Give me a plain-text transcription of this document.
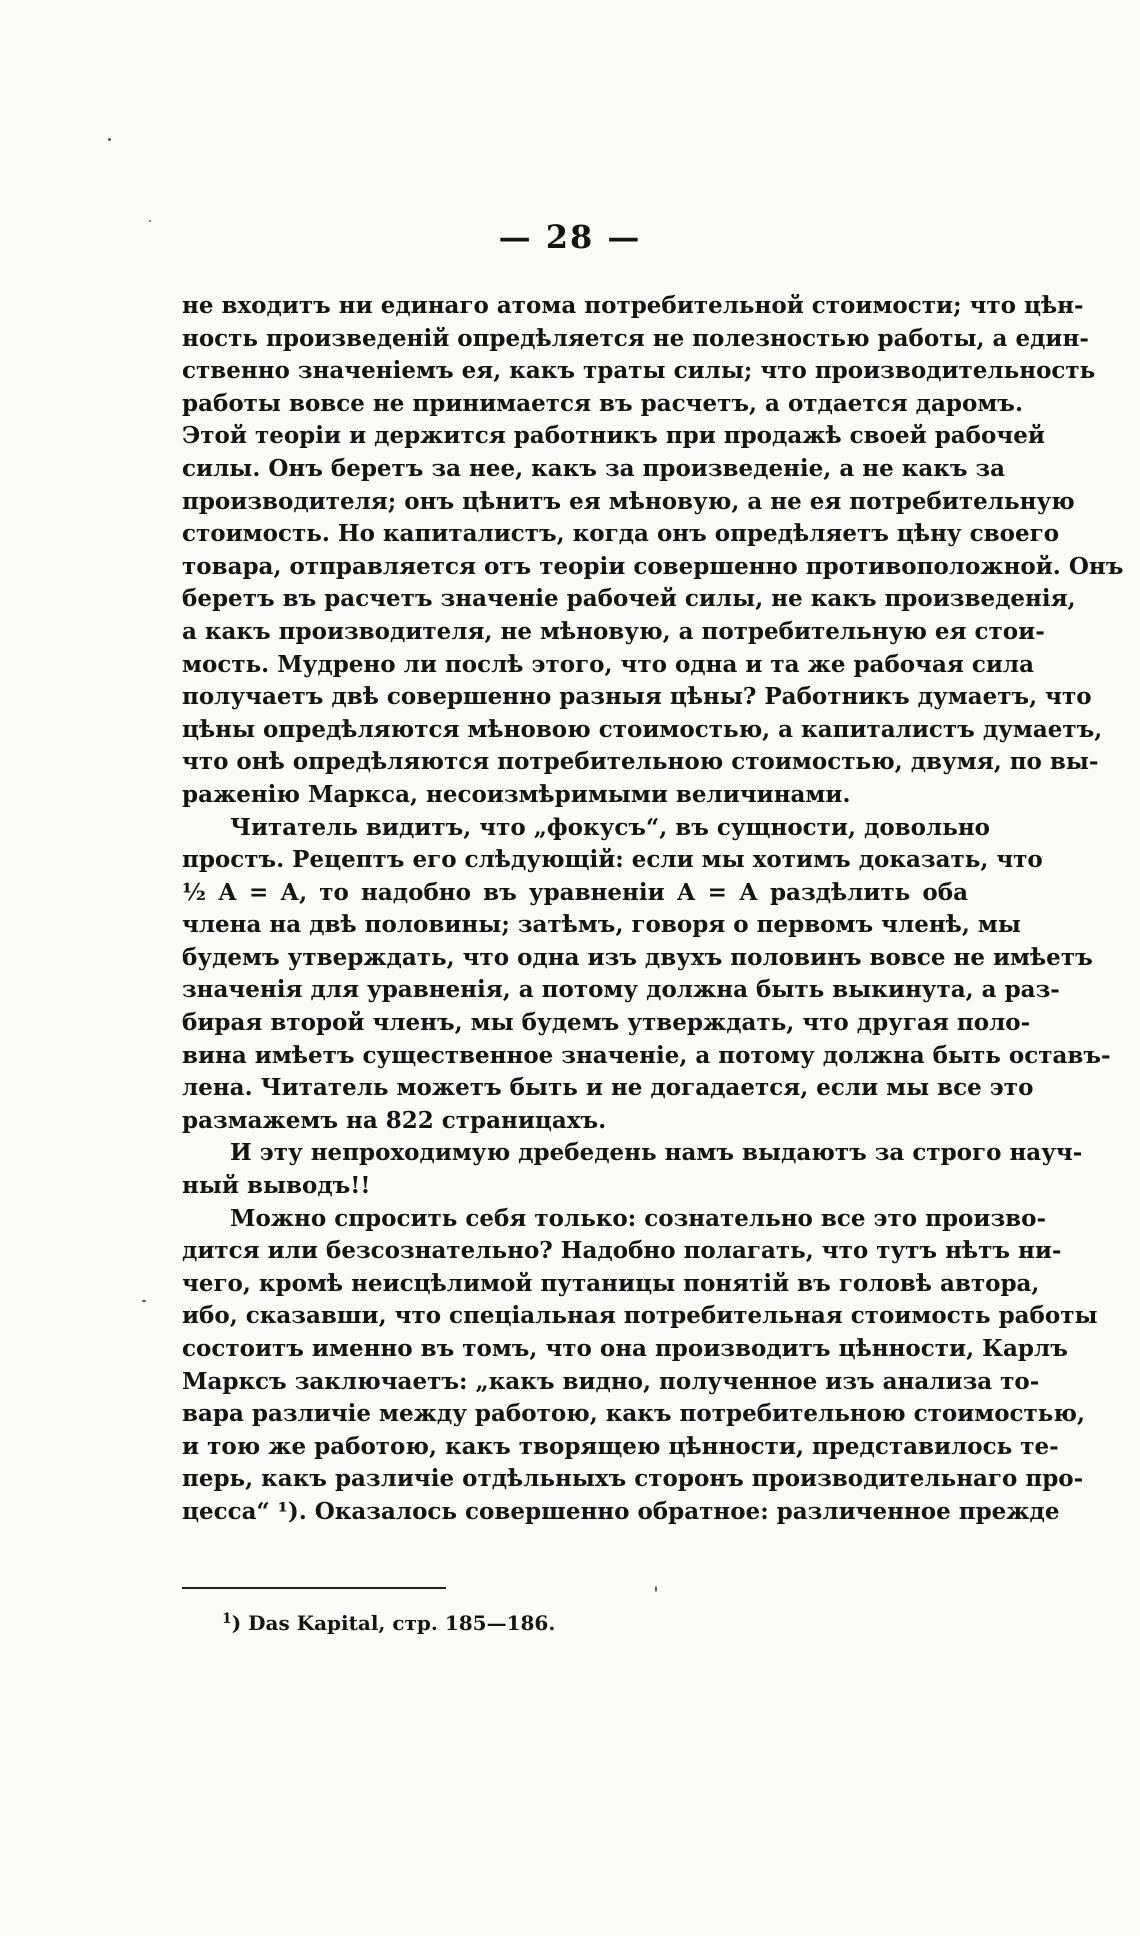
— 28 —
не входитъ ни единаго атома потребительной стоимости; что цѣн-
ность произведенiй опредѣляется не полезностью работы, а един-
ственно значенiемъ ея, какъ траты силы; что производительность
работы вовсе не принимается въ расчетъ, а отдается даромъ.
Этой теорiи и держится работникъ при продажѣ своей рабочей
силы. Онъ беретъ за нее, какъ за произведенiе, а не какъ за
производителя; онъ цѣнитъ ея мѣновую, а не ея потребительную
стоимость. Но капиталистъ, когда онъ опредѣляетъ цѣну своего
товара, отправляется отъ теорiи совершенно противоположной. Онъ
беретъ въ расчетъ значенiе рабочей силы, не какъ произведенiя,
а какъ производителя, не мѣновую, а потребительную ея стои-
мость. Мудрено ли послѣ этого, что одна и та же рабочая сила
получаетъ двѣ совершенно разныя цѣны? Работникъ думаетъ, что
цѣны опредѣляются мѣновою стоимостью, а капиталистъ думаетъ,
что онѣ опредѣляются потребительною стоимостью, двумя, по вы-
раженiю Маркса, несоизмѣримыми величинами.
Читатель видитъ, что „фокусъ“, въ сущности, довольно
простъ. Рецептъ его слѣдующiй: если мы хотимъ доказать, что
½ А = А, то надобно въ уравненiи А = А раздѣлить оба
члена на двѣ половины; затѣмъ, говоря о первомъ членѣ, мы
будемъ утверждать, что одна изъ двухъ половинъ вовсе не имѣетъ
значенiя для уравненiя, а потому должна быть выкинута, а раз-
бирая второй членъ, мы будемъ утверждать, что другая поло-
вина имѣетъ существенное значенiе, а потому должна быть оставъ-
лена. Читатель можетъ быть и не догадается, если мы все это
размажемъ на 822 страницахъ.
И эту непроходимую дребедень намъ выдаютъ за строго науч-
ный выводъ!!
Можно спросить себя только: сознательно все это произво-
дится или безсознательно? Надобно полагать, что тутъ нѣтъ ни-
чего, кромѣ неисцѣлимой путаницы понятiй въ головѣ автора,
ибо, сказавши, что спецiальная потребительная стоимость работы
состоитъ именно въ томъ, что она производитъ цѣнности, Карлъ
Марксъ заключаетъ: „какъ видно, полученное изъ анализа то-
вара различiе между работою, какъ потребительною стоимостью,
и тою же работою, какъ творящею цѣнности, представилось те-
перь, какъ различiе отдѣльныхъ сторонъ производительнаго про-
цесса“ ¹). Оказалось совершенно обратное: различенное прежде
$^1$) Das Kapital, стр. 185—186.
